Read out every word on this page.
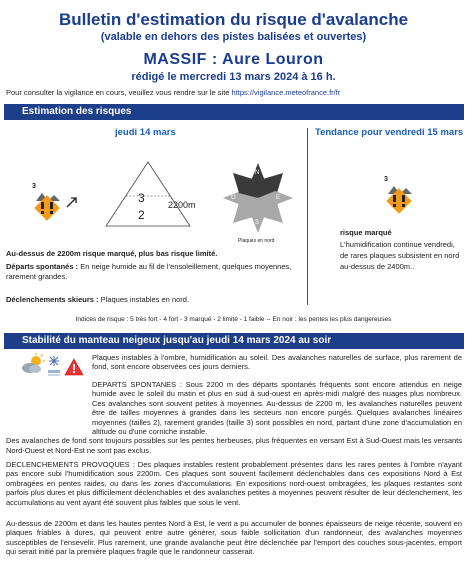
Bulletin d'estimation du risque d'avalanche
(valable en dehors des pistes balisées et ouvertes)
MASSIF : Aure Louron
rédigé le mercredi 13 mars 2024 à 16 h.
Pour consulter la vigilance en cours, veuillez vous rendre sur le site https://vigilance.meteofrance.fr/fr
Estimation des risques
jeudi 14 mars	Tendance pour vendredi 15 mars
3
3
2
2200m
N
E
S
O
Plaques en nord
Au-dessus de 2200m risque marqué, plus bas risque limité.
Départs spontanés : En neige humide au fil de l'ensoleillement, quelques moyennes, rarement grandes.
Déclenchements skieurs : Plaques instables en nord.
3
risque marqué
L'humidification continue vendredi, de rares plaques subsistent en nord au-dessus de 2400m..
Indices de risque : 5 très fort - 4 fort - 3 marqué - 2 limité - 1 faible -- En noir : les pentes les plus dangereuses
Stabilité du manteau neigeux jusqu'au jeudi 14 mars 2024 au soir
Plaques instables à l'ombre, humidification au soleil. Des avalanches naturelles de surface, plus rarement de fond, sont encore observées ces jours derniers.
DEPARTS SPONTANES : Sous 2200 m des départs spontanés fréquents sont encore attendus en neige humide avec le soleil du matin et plus en sud à sud-ouest en après-midi malgré des nuages plus nombreux. Ces avalanches sont souvent petites à moyennes. Au-dessus de 2200 m, les avalanches naturelles peuvent être de tailles moyennes à grandes dans les secteurs non encore purgés. Quelques avalanches linéaires moyennes (tailles 2), rarement grandes (taille 3) sont possibles en nord, partant d'une zone d'accumulation en altitude ou d'une corniche instable.
Des avalanches de fond sont toujours possibles sur les pentes herbeuses, plus fréquentes en versant Est à Sud-Ouest mais les versants Nord-Ouest et Nord-Est ne sont pas exclus.
DECLENCHEMENTS PROVOQUES : Des plaques instables restent probablement présentes dans les rares pentes à l'ombre n'ayant pas encore subi l'humidification sous 2200m. Ces plaques sont souvent facilement déclenchables dans ces expositions Nord à Est ombragées en pentes raides, ou dans les zones d'accumulations. En expositions nord-ouest ombragées, les plaques restantes sont parfois plus dures et plus difficilement déclenchables et des avalanches petites à moyennes peuvent résulter de leur déclenchement, les accumulations au vent ayant été souvent plus faibles que sous le vent.
Au-dessus de 2200m et dans les hautes pentes Nord à Est, le vent a pu accumuler de bonnes épaisseurs de neige récente, souvent en plaques friables à dures, qui peuvent entre autre générer, sous faible sollicitation d'un randonneur, des avalanches moyennes susceptibles de l'ensevelir. Plus rarement, une grande avalanche peut être déclenchée par l'emport des couches sous-jacentes, emport qui serait initié par la première plaques fragile que le randonneur casserait.
